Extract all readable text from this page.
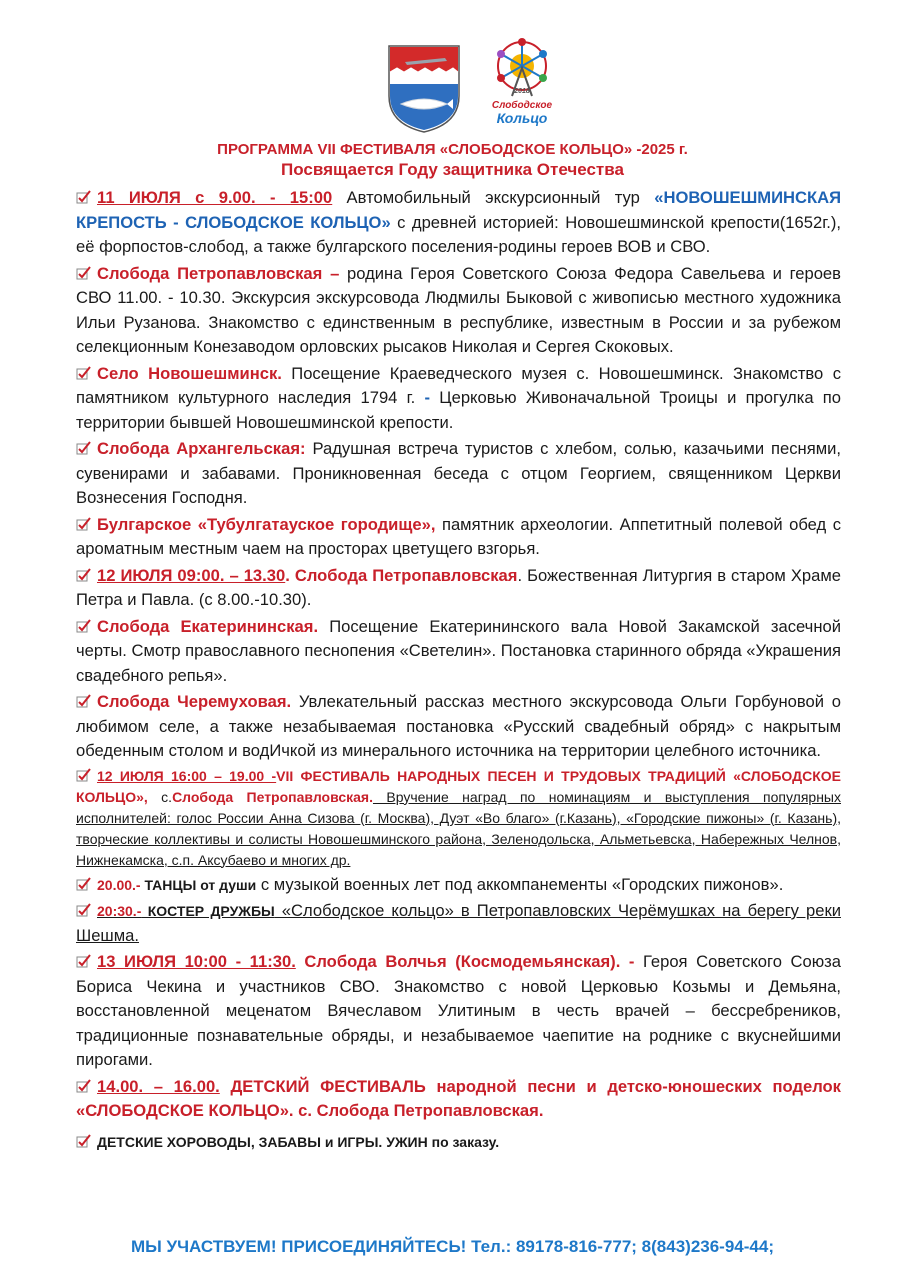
2018
Слободское
Кольцо
ПРОГРАММА VII ФЕСТИВАЛЯ «СЛОБОДСКОЕ КОЛЬЦО» -2025 г.
Посвящается Году защитника Отечества
11 ИЮЛЯ с 9.00. - 15:00 Автомобильный экскурсионный тур «НОВОШЕШМИНСКАЯ КРЕПОСТЬ - СЛОБОДСКОЕ КОЛЬЦО» с древней историей: Новошешминской крепости(1652г.), её форпостов-слобод, а также булгарского поселения-родины героев ВОВ и СВО.
Слобода Петропавловская – родина Героя Советского Союза Федора Савельева и героев СВО 11.00. - 10.30. Экскурсия экскурсовода Людмилы Быковой с живописью местного художника Ильи Рузанова. Знакомство с единственным в республике, известным в России и за рубежом селекционным Конезаводом орловских рысаков Николая и Сергея Скоковых.
Село Новошешминск. Посещение Краеведческого музея с. Новошешминск. Знакомство с памятником культурного наследия 1794 г. - Церковью Живоначальной Троицы и прогулка по территории бывшей Новошешминской крепости.
Слобода Архангельская: Радушная встреча туристов с хлебом, солью, казачьими песнями, сувенирами и забавами. Проникновенная беседа с отцом Георгием, священником Церкви Вознесения Господня.
Булгарское «Тубулгатауское городище», памятник археологии. Аппетитный полевой обед с ароматным местным чаем на просторах цветущего взгорья.
12 ИЮЛЯ 09:00. – 13.30. Слобода Петропавловская. Божественная Литургия в старом Храме Петра и Павла. (с 8.00.-10.30).
Слобода Екатерининская. Посещение Екатерининского вала Новой Закамской засечной черты. Смотр православного песнопения «Светелин». Постановка старинного обряда «Украшения свадебного репья».
Слобода Черемуховая. Увлекательный рассказ местного экскурсовода Ольги Горбуновой о любимом селе, а также незабываемая постановка «Русский свадебный обряд» с накрытым обеденным столом и водИчкой из минерального источника на территории целебного источника.
12 ИЮЛЯ 16:00 – 19.00 -VII ФЕСТИВАЛЬ НАРОДНЫХ ПЕСЕН И ТРУДОВЫХ ТРАДИЦИЙ «СЛОБОДСКОЕ КОЛЬЦО», с.Слобода Петропавловская. Вручение наград по номинациям и выступления популярных исполнителей: голос России Анна Сизова (г. Москва), Дуэт «Во благо» (г.Казань), «Городские пижоны» (г. Казань), творческие коллективы и солисты Новошешминского района, Зеленодольска, Альметьевска, Набережных Челнов, Нижнекамска, с.п. Аксубаево и многих др.
20.00.- ТАНЦЫ от души с музыкой военных лет под аккомпанементы «Городских пижонов».
20:30.- КОСТЕР ДРУЖБЫ «Слободское кольцо» в Петропавловских Черёмушках на берегу реки Шешма.
13 ИЮЛЯ 10:00 - 11:30. Слобода Волчья (Космодемьянская). - Героя Советского Союза Бориса Чекина и участников СВО. Знакомство с новой Церковью Козьмы и Демьяна, восстановленной меценатом Вячеславом Улитиным в честь врачей – бессребреников, традиционные познавательные обряды, и незабываемое чаепитие на роднике с вкуснейшими пирогами.
14.00. – 16.00. ДЕТСКИЙ ФЕСТИВАЛЬ народной песни и детско-юношеских поделок «СЛОБОДСКОЕ КОЛЬЦО». с. Слобода Петропавловская.
ДЕТСКИЕ ХОРОВОДЫ, ЗАБАВЫ и ИГРЫ. УЖИН по заказу.
МЫ УЧАСТВУЕМ! ПРИСОЕДИНЯЙТЕСЬ! Тел.: 89178-816-777; 8(843)236-94-44;
